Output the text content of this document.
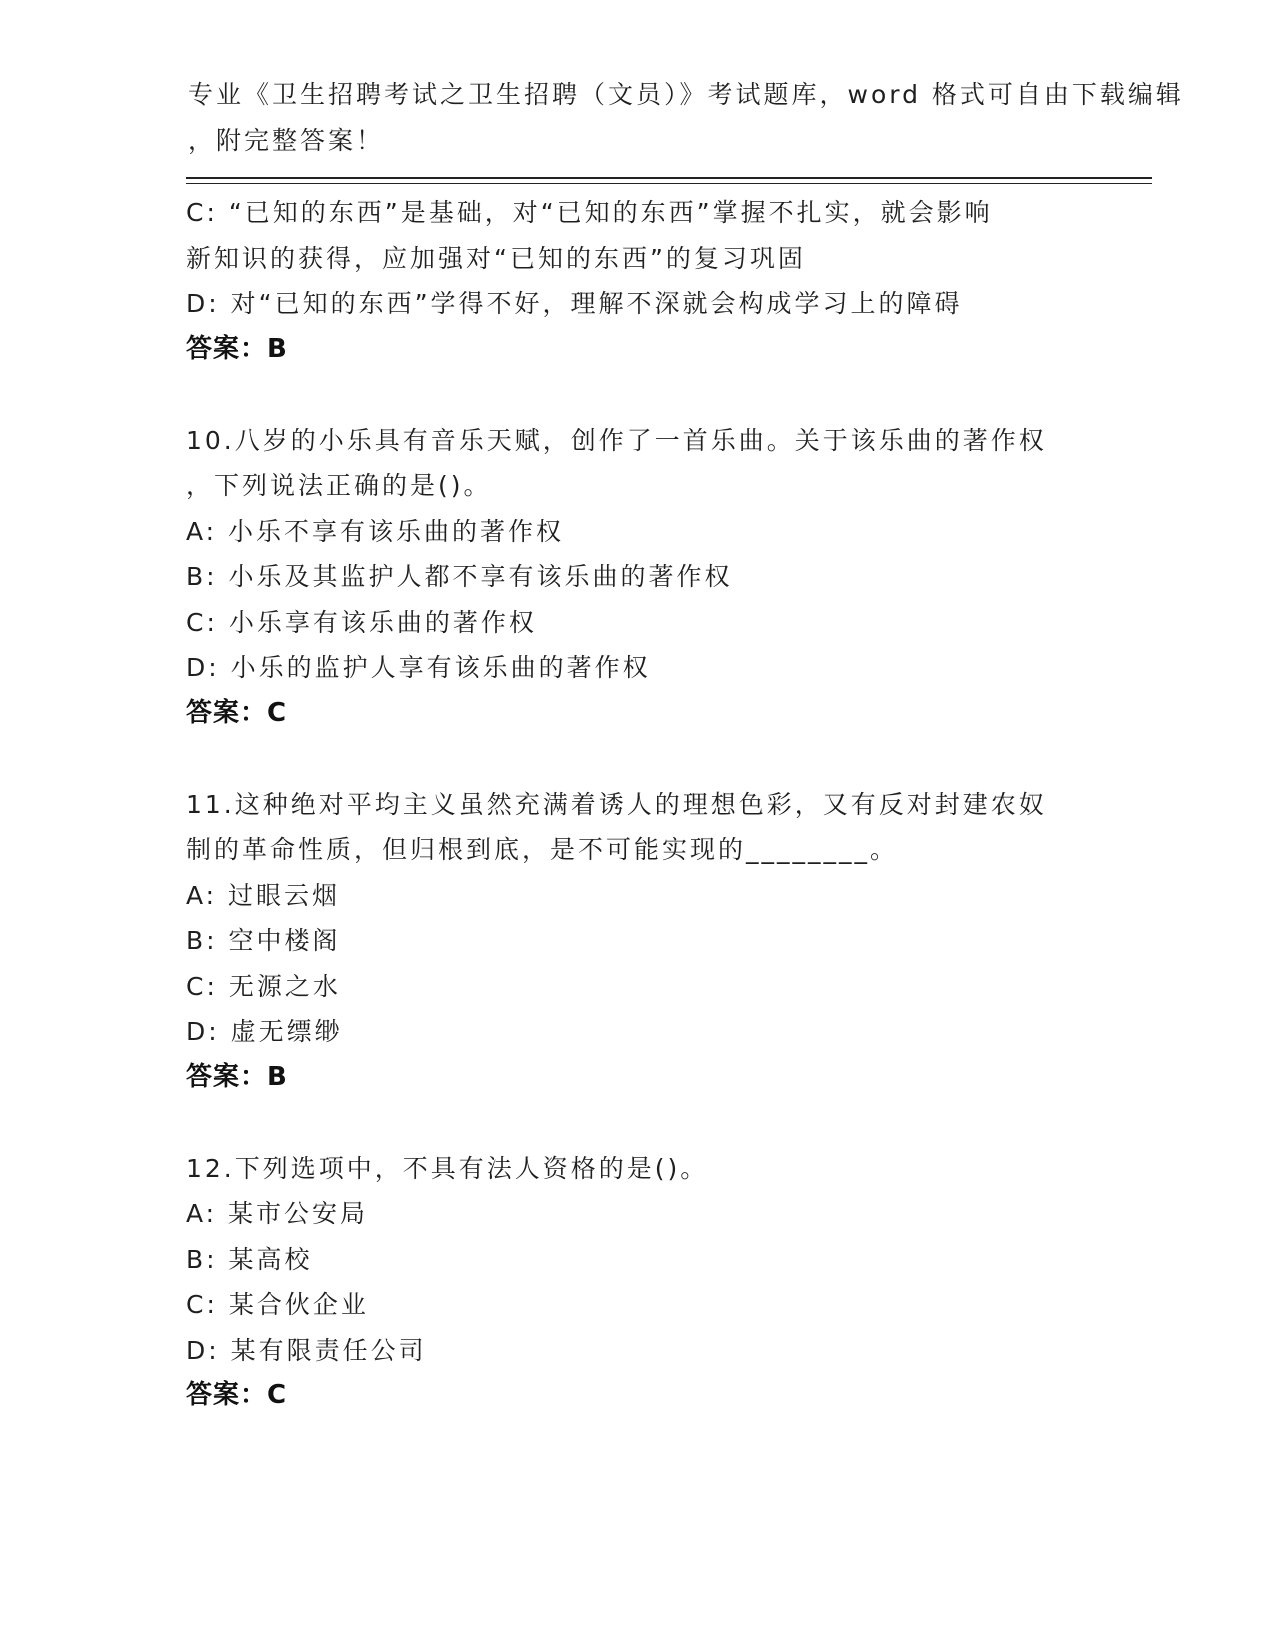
专业《卫生招聘考试之卫生招聘（文员）》考试题库，word 格式可自由下载编辑
，附完整答案！
C: “已知的东西”是基础，对“已知的东西”掌握不扎实，就会影响
新知识的获得，应加强对“已知的东西”的复习巩固
D: 对“已知的东西”学得不好，理解不深就会构成学习上的障碍
答案：B
10.八岁的小乐具有音乐天赋，创作了一首乐曲。关于该乐曲的著作权
，下列说法正确的是()。
A: 小乐不享有该乐曲的著作权
B: 小乐及其监护人都不享有该乐曲的著作权
C: 小乐享有该乐曲的著作权
D: 小乐的监护人享有该乐曲的著作权
答案：C
11.这种绝对平均主义虽然充满着诱人的理想色彩，又有反对封建农奴
制的革命性质，但归根到底，是不可能实现的________。
A: 过眼云烟
B: 空中楼阁
C: 无源之水
D: 虚无缥缈
答案：B
12.下列选项中，不具有法人资格的是()。
A: 某市公安局
B: 某高校
C: 某合伙企业
D: 某有限责任公司
答案：C
